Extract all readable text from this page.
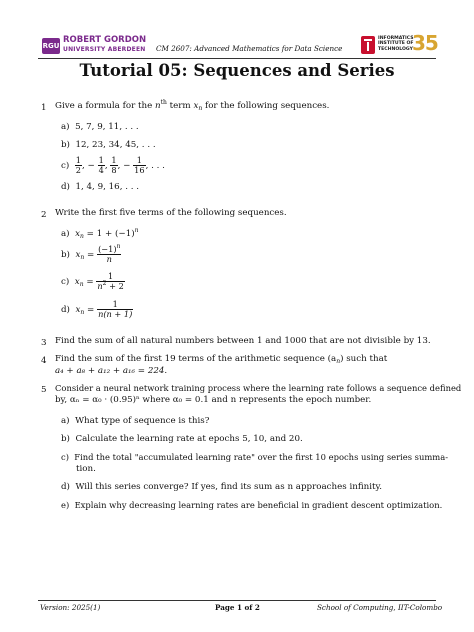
RGU
ROBERT GORDON
UNIVERSITY ABERDEEN CM 2607: Advanced Mathematics for Data Science
INFORMATICS
INSTITUTE OF
TECHNOLOGY 35
Tutorial 05: Sequences and Series
1 Give a formula for the $n^{th}$ term $x_n$ for the following sequences.
a) 5, 7, 9, 11, . . .
b) 12, 23, 34, 45, . . .
$c) \frac{1}{2}$ , − $\frac{1}{4}$ , $\frac{1}{8}$ , − $\frac{1}{16}$ , . . .
d) 1, 4, 9, 16, . . .
2 Write the first five terms of the following sequences.
a) $x_n = 1 + (-1)^n$
b) $x_n = \frac{(-1)^n}{n}$
c) $x_n = \frac{1}{n^2 + 2}$
d) $x_n = \frac{1}{n(n + 1)}$
3 Find the sum of all natural numbers between 1 and 1000 that are not divisible by 13.
4 Find the sum of the first 19 terms of the arithmetic sequence $(a_n)$ such that
a₄ + a₈ + a₁₂ + a₁₆ = 224.
5 Consider a neural network training process where the learning rate follows a sequence defined
by, αₙ = α₀ · (0.95)ⁿ where α₀ = 0.1 and n represents the epoch number.
a) What type of sequence is this?
b) Calculate the learning rate at epochs 5, 10, and 20.
c) Find the total "accumulated learning rate" over the first 10 epochs using series summa-
tion.
d) Will this series converge? If yes, find its sum as n approaches infinity.
e) Explain why decreasing learning rates are beneficial in gradient descent optimization.
Version: 2025(1)	Page 1 of 2	School of Computing, IIT-Colombo
